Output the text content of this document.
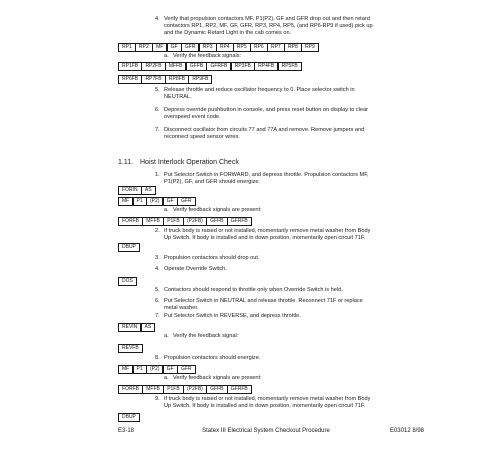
4. Verify that propulsion contactors MF, P1(P2), GF and GFR drop out and then retard contactors RP1, RP2, MF, GF, GFR, RP3, RP4, RP5, (and RP6-RP9 if used) pick up and the Dynamic Retard Light in the cab comes on.
RP1	RP2	MF	GF	GFR	RP3	RP4	RP5	RP6	RP7	RP8	RP9
a. Verify the feedback signals:
RP1FB	RP2FB	MFFB	GFFB	GFRFB	RP3FB	RP4FB	RP5FB
RP6FB	RP7FB	RP8FB	RP9FB
5. Release throttle and reduce oscillator frequency to 0. Place selector switch in NEUTRAL.
6. Depress override pushbutton in console, and press reset button on display to clear overspeed event code.
7. Disconnect oscillator from circuits 77 and 77A and remove. Remove jumpers and reconnect speed sensor wires.
1.11. Hoist Interlock Operation Check
1. Put Selector Switch in FORWARD, and depress throttle. Propulsion contactors MF, P1(P2), GF, and GFR should energize.
FORIN	AS
MF	P1	(P2)	GF	GFR
a. Verify feedback signals are present:
FORFB	MFFB	P1FB	(P2FB)	GFFB	GFRFB
2. If truck body is raised or not installed, momentarily remove metal washer from Body Up Switch. If body is installed and in down position, momentarily open circuit 71F.
DBUP
3. Propulsion contactors should drop out.
4. Operate Override Switch.
DOS
5. Contactors should respond to throttle only when Override Switch is held.
6. Put Selector Switch in NEUTRAL and release throttle. Reconnect 71F or replace metal washer.
7. Put Selector Switch in REVERSE, and depress throttle.
REVIN	AS
a. Verify the feedback signal:
REVFB
8. Propulsion contactors should energize.
MF	P1	(P2)	GF	GFR
a. Verify feedback signals are present:
FORFB	MFFB	P1FB	(P2FB)	GFFB	GFRFB
9. If truck body is raised or not installed, momentarily remove metal washer from Body Up Switch. If body is installed and in down position, momentarily open circuit 71F.
DBUP
E3-18	Statex III Electrical System Checkout Procedure	E03012 8/98
